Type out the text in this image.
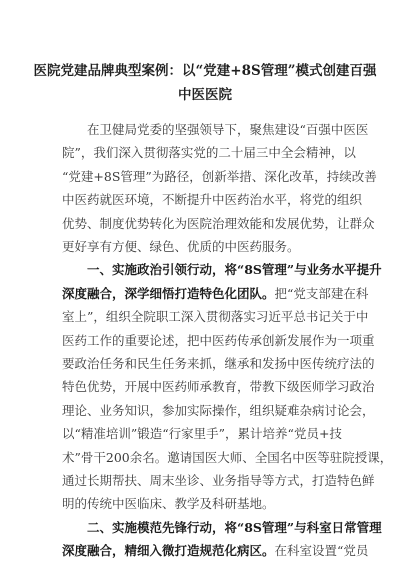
医院党建品牌典型案例：以“党建+8S管理”模式创建百强
中医医院
在卫健局党委的坚强领导下，聚焦建设“百强中医医
院”，我们深入贯彻落实党的二十届三中全会精神，以
“党建+8S管理”为路径，创新举措、深化改革，持续改善
中医药就医环境，不断提升中医药治水平，将党的组织
优势、制度优势转化为医院治理效能和发展优势，让群众
更好享有方便、绿色、优质的中医药服务。
一、实施政治引领行动，将“8S管理”与业务水平提升
深度融合，深学细悟打造特色化团队。把“党支部建在科
室上”，组织全院职工深入贯彻落实习近平总书记关于中
医药工作的重要论述，把中医药传承创新发展作为一项重
要政治任务和民生任务来抓，继承和发扬中医传统疗法的
特色优势，开展中医药师承教育，带教下级医师学习政治
理论、业务知识，参加实际操作，组织疑难杂病讨论会，
以“精准培训”锻造“行家里手”，累计培养“党员+技
术”骨干200余名。邀请国医大师、全国名中医等驻院授课，
通过长期帮扶、周末坐诊、业务指导等方式，打造特色鲜
明的传统中医临床、教学及科研基地。
二、实施模范先锋行动，将“8S管理”与科室日常管理
深度融合，精细入微打造规范化病区。在科室设置“党员
